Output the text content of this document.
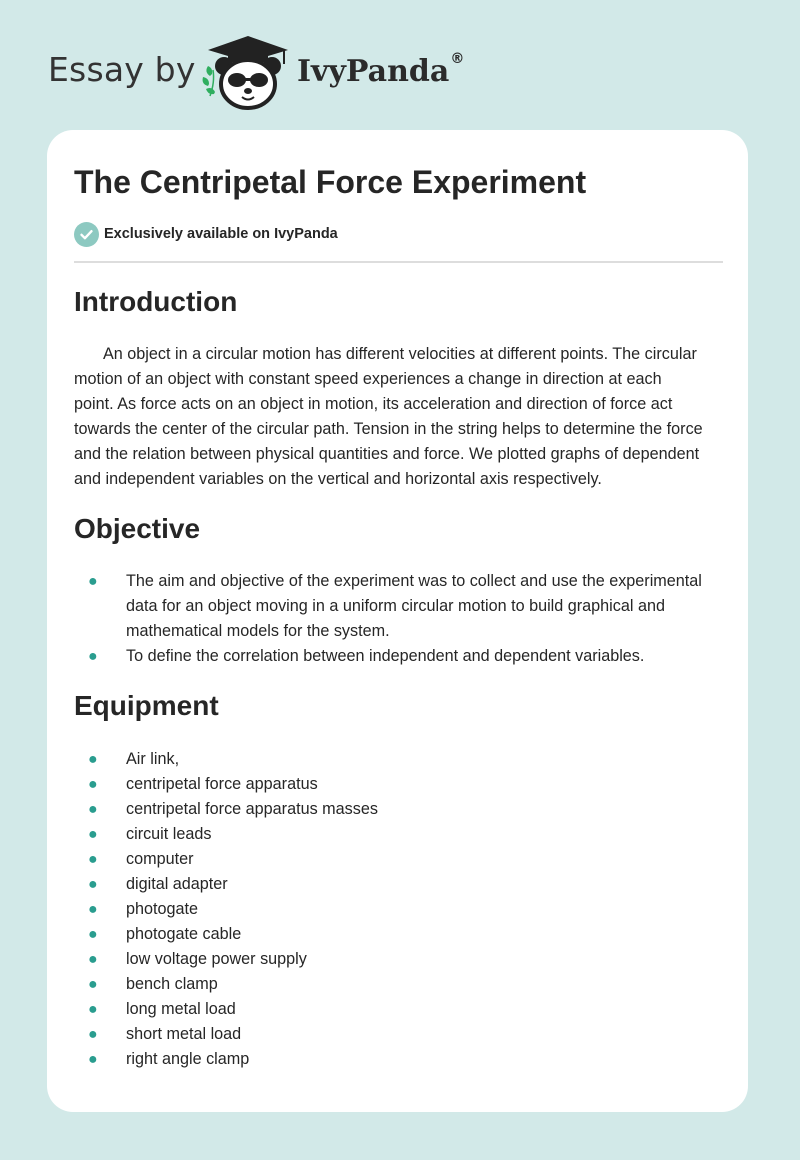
Essay by	IvyPanda®
The Centripetal Force Experiment
Exclusively available on IvyPanda
Introduction

An object in a circular motion has different velocities at different points. The circular
motion of an object with constant speed experiences a change in direction at each
point. As force acts on an object in motion, its acceleration and direction of force act
towards the center of the circular path. Tension in the string helps to determine the force
and the relation between physical quantities and force. We plotted graphs of dependent
and independent variables on the vertical and horizontal axis respectively.

Objective
● The aim and objective of the experiment was to collect and use the experimental
data for an object moving in a uniform circular motion to build graphical and
mathematical models for the system.
● To define the correlation between independent and dependent variables.
Equipment
● Air link,
● centripetal force apparatus
● centripetal force apparatus masses
● circuit leads
● computer
● digital adapter
● photogate
● photogate cable
● low voltage power supply
● bench clamp
● long metal load
● short metal load
● right angle clamp
